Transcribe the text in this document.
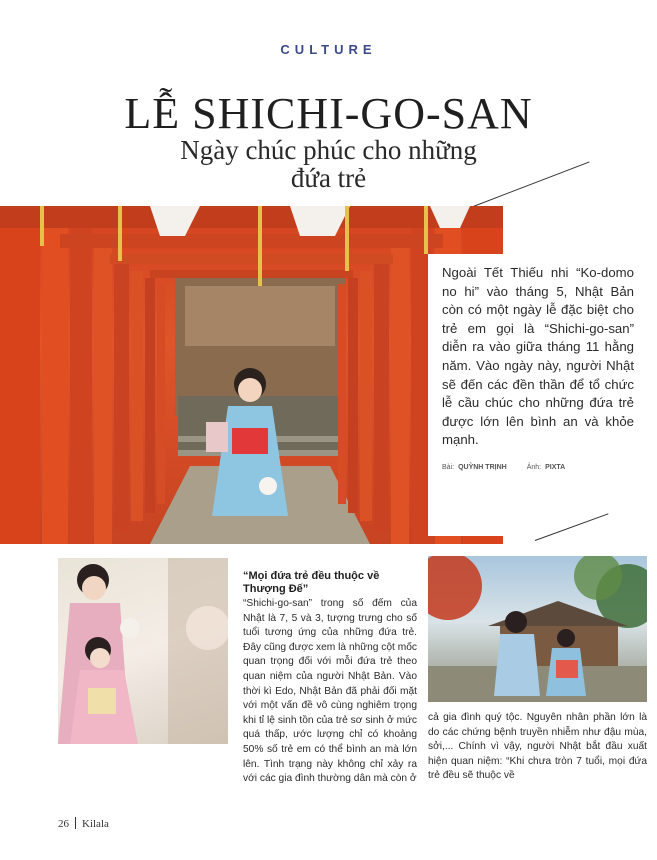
CULTURE
LỄ SHICHI-GO-SAN
Ngày chúc phúc cho những đứa trẻ

Ngoài Tết Thiếu nhi “Ko-domo no hi” vào tháng 5, Nhật Bản còn có một ngày lễ đặc biệt cho trẻ em gọi là “Shichi-go-san” diễn ra vào giữa tháng 11 hằng năm. Vào ngày này, người Nhật sẽ đến các đền thần để tổ chức lễ cầu chúc cho những đứa trẻ được lớn lên bình an và khỏe mạnh.

Bài: QUỲNH TRỊNH	Ảnh: PIXTA
“Mọi đứa trẻ đều thuộc về Thượng Đế”

“Shichi-go-san” trong số đếm của Nhật là 7, 5 và 3, tượng trưng cho số tuổi tương ứng của những đứa trẻ. Đây cũng được xem là những cột mốc quan trọng đối với mỗi đứa trẻ theo quan niệm của người Nhật Bản. Vào thời kì Edo, Nhật Bản đã phải đối mặt với một vấn đề vô cùng nghiêm trọng khi tỉ lệ sinh tồn của trẻ sơ sinh ở mức quá thấp, ước lượng chỉ có khoảng 50% số trẻ em có thể bình an mà lớn lên. Tình trạng này không chỉ xảy ra với các gia đình thường dân mà còn ở

cả gia đình quý tộc. Nguyên nhân phần lớn là do các chứng bệnh truyền nhiễm như đậu mùa, sởi,... Chính vì vậy, người Nhật bắt đầu xuất hiện quan niệm: “Khi chưa tròn 7 tuổi, mọi đứa trẻ đều sẽ thuộc về

26 Kilala
